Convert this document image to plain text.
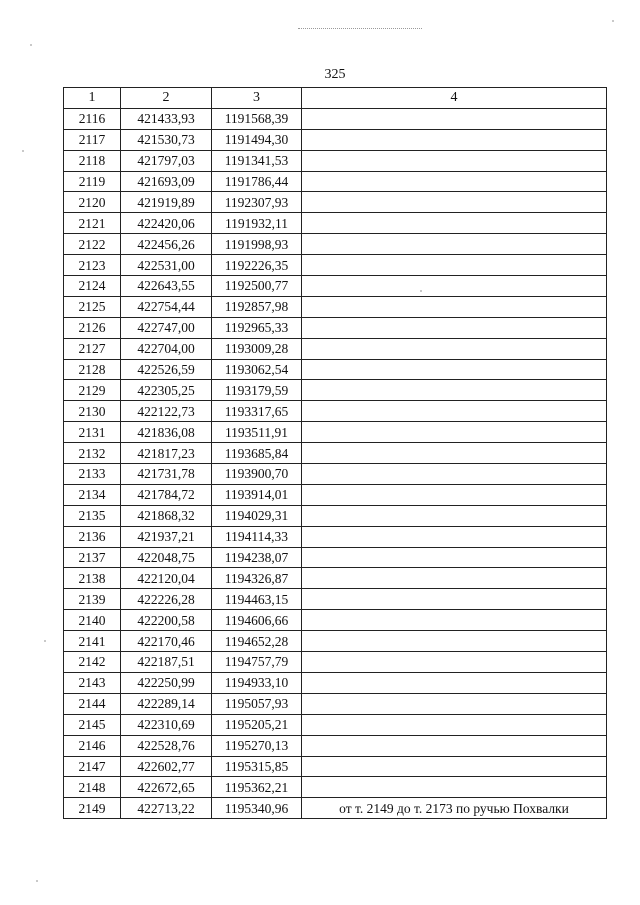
325
1	2	3	4
2116	421433,93	1191568,39	
2117	421530,73	1191494,30	
2118	421797,03	1191341,53	
2119	421693,09	1191786,44	
2120	421919,89	1192307,93	
2121	422420,06	1191932,11	
2122	422456,26	1191998,93	
2123	422531,00	1192226,35	
2124	422643,55	1192500,77	
2125	422754,44	1192857,98	
2126	422747,00	1192965,33	
2127	422704,00	1193009,28	
2128	422526,59	1193062,54	
2129	422305,25	1193179,59	
2130	422122,73	1193317,65	
2131	421836,08	1193511,91	
2132	421817,23	1193685,84	
2133	421731,78	1193900,70	
2134	421784,72	1193914,01	
2135	421868,32	1194029,31	
2136	421937,21	1194114,33	
2137	422048,75	1194238,07	
2138	422120,04	1194326,87	
2139	422226,28	1194463,15	
2140	422200,58	1194606,66	
2141	422170,46	1194652,28	
2142	422187,51	1194757,79	
2143	422250,99	1194933,10	
2144	422289,14	1195057,93	
2145	422310,69	1195205,21	
2146	422528,76	1195270,13	
2147	422602,77	1195315,85	
2148	422672,65	1195362,21	
2149	422713,22	1195340,96	от т. 2149 до т. 2173 по ручью Похвалки
